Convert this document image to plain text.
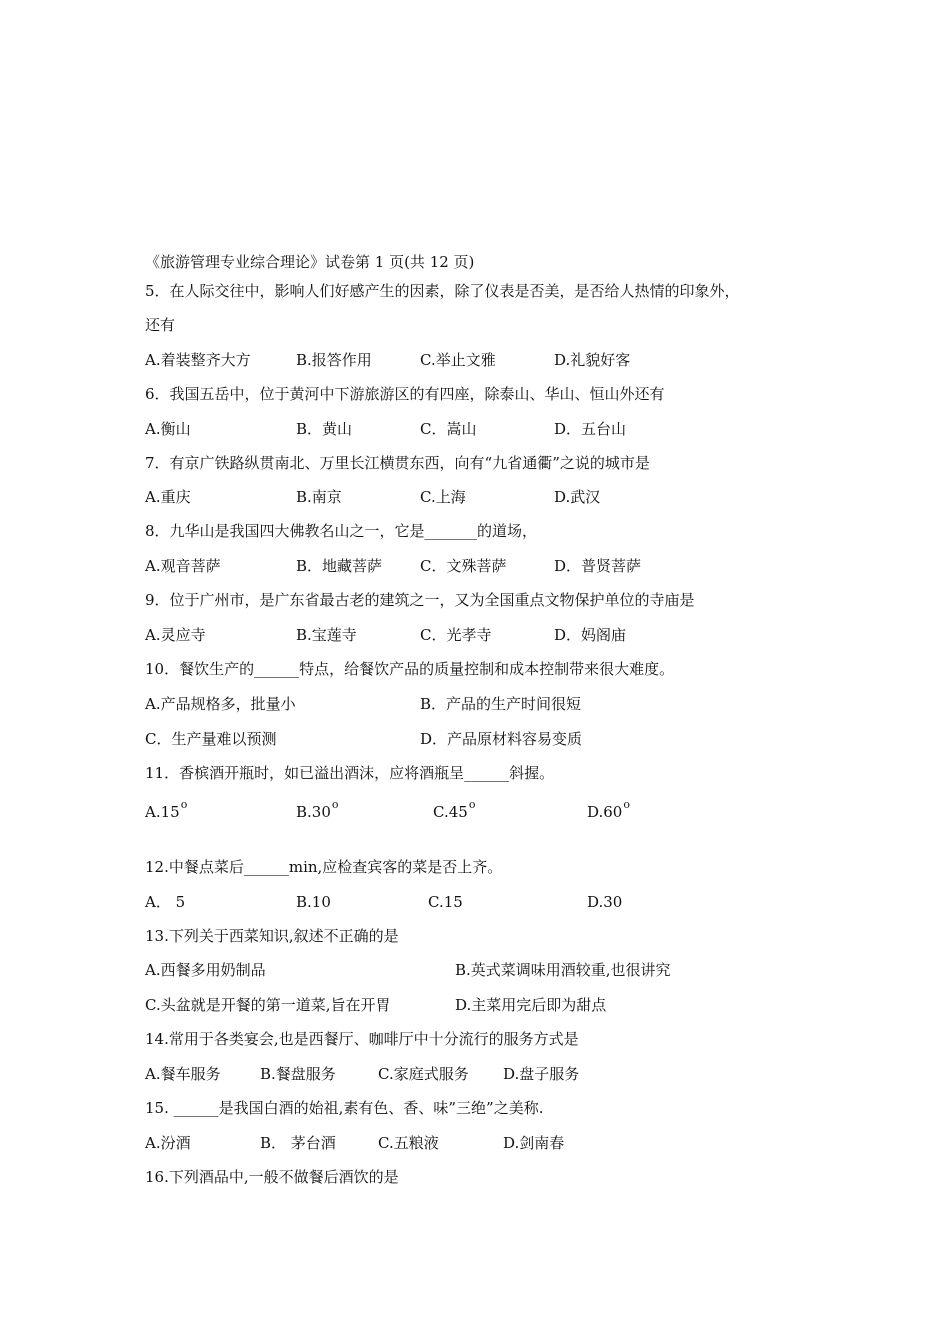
《旅游管理专业综合理论》试卷第 1 页(共 12 页)
5．在人际交往中，影响人们好感产生的因素，除了仪表是否美，是否给人热情的印象外，
还有
A.着装整齐大方	B.报答作用	C.举止文雅	D.礼貌好客
6．我国五岳中，位于黄河中下游旅游区的有四座，除泰山、华山、恒山外还有
A.衡山	B．黄山	C．嵩山	D．五台山
7．有京广铁路纵贯南北、万里长江横贯东西，向有“九省通衢”之说的城市是
A.重庆	B.南京	C.上海	D.武汉
8．九华山是我国四大佛教名山之一，它是_______的道场，
A.观音菩萨	B．地藏菩萨	C．文殊菩萨	D．普贤菩萨
9．位于广州市，是广东省最古老的建筑之一，又为全国重点文物保护单位的寺庙是
A.灵应寺	B.宝莲寺	C．光孝寺	D．妈阁庙
10．餐饮生产的______特点，给餐饮产品的质量控制和成本控制带来很大难度。
A.产品规格多，批量小	B．产品的生产时间很短
C．生产量难以预测	D．产品原材料容易变质
11．香槟酒开瓶时，如已溢出酒沫，应将酒瓶呈______斜握。
A.15$^o$	B.30$^o$	C.45$^o$	D.60$^o$
12.中餐点菜后______min,应检查宾客的菜是否上齐。
A． 5	B.10	C.15	D.30
13.下列关于西菜知识,叙述不正确的是
A.西餐多用奶制品	B.英式菜调味用酒较重,也很讲究
C.头盆就是开餐的第一道菜,旨在开胃	D.主菜用完后即为甜点
14.常用于各类宴会,也是西餐厅、咖啡厅中十分流行的服务方式是
A.餐车服务	B.餐盘服务	C.家庭式服务 D.盘子服务
15. ______是我国白酒的始祖,素有色、香、味”三绝”之美称.
A.汾酒	B． 茅台酒	C.五粮液	D.剑南春
16.下列酒品中,一般不做餐后酒饮的是
